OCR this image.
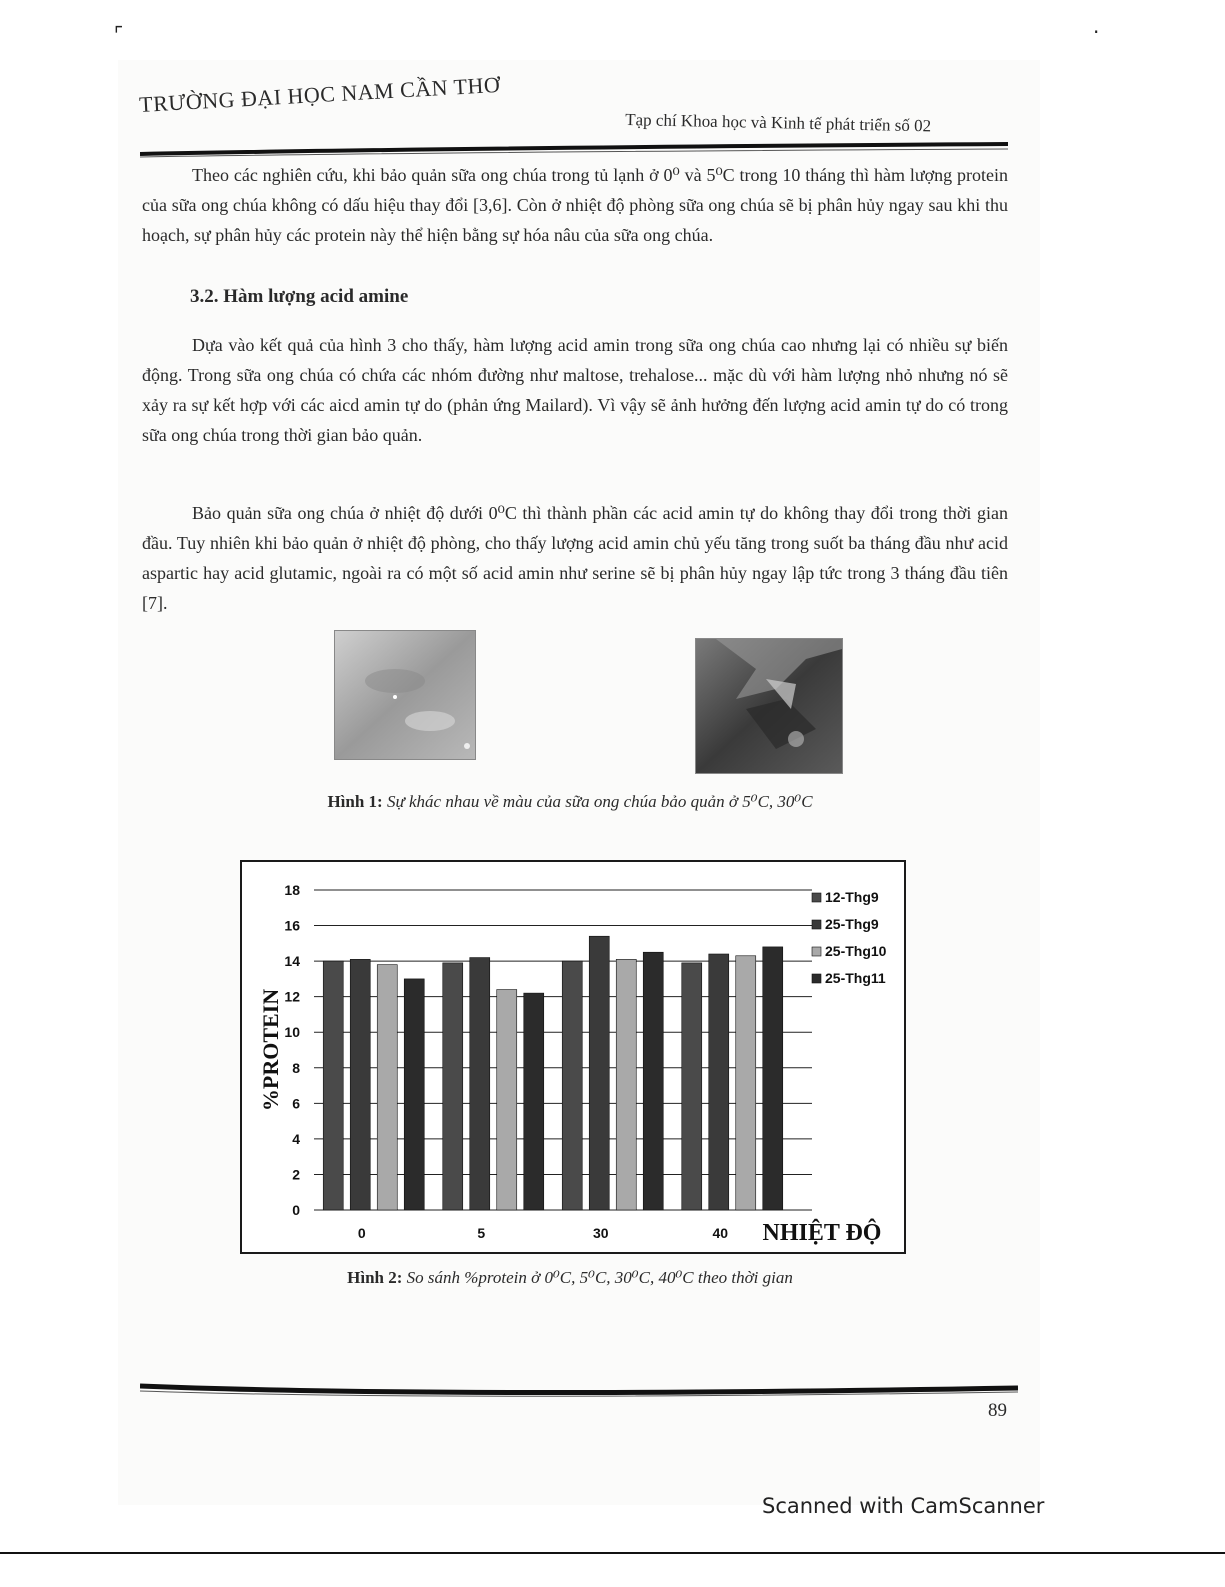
⌜	·
TRƯỜNG ĐẠI HỌC NAM CẦN THƠ
Tạp chí Khoa học và Kinh tế phát triển số 02
Theo các nghiên cứu, khi bảo quản sữa ong chúa trong tủ lạnh ở 0⁰ và 5⁰C trong 10 tháng thì hàm lượng protein của sữa ong chúa không có dấu hiệu thay đổi [3,6]. Còn ở nhiệt độ phòng sữa ong chúa sẽ bị phân hủy ngay sau khi thu hoạch, sự phân hủy các protein này thể hiện bằng sự hóa nâu của sữa ong chúa.
3.2. Hàm lượng acid amine
Dựa vào kết quả của hình 3 cho thấy, hàm lượng acid amin trong sữa ong chúa cao nhưng lại có nhiều sự biến động. Trong sữa ong chúa có chứa các nhóm đường như maltose, trehalose... mặc dù với hàm lượng nhỏ nhưng nó sẽ xảy ra sự kết hợp với các aicd amin tự do (phản ứng Mailard). Vì vậy sẽ ảnh hưởng đến lượng acid amin tự do có trong sữa ong chúa trong thời gian bảo quản.
Bảo quản sữa ong chúa ở nhiệt độ dưới 0⁰C thì thành phần các acid amin tự do không thay đổi trong thời gian đầu. Tuy nhiên khi bảo quản ở nhiệt độ phòng, cho thấy lượng acid amin chủ yếu tăng trong suốt ba tháng đầu như acid aspartic hay acid glutamic, ngoài ra có một số acid amin như serine sẽ bị phân hủy ngay lập tức trong 3 tháng đầu tiên [7].
Hình 1: Sự khác nhau về màu của sữa ong chúa bảo quản ở 5⁰C, 30⁰C
0
2
4
6
8
10
12
14
16
18
%PROTEIN
0	5	30	40 NHIỆT ĐỘ
12-Thg9
25-Thg9
25-Thg10
25-Thg11
Hình 2: So sánh %protein ở 0⁰C, 5⁰C, 30⁰C, 40⁰C theo thời gian
89
Scanned with CamScanner
